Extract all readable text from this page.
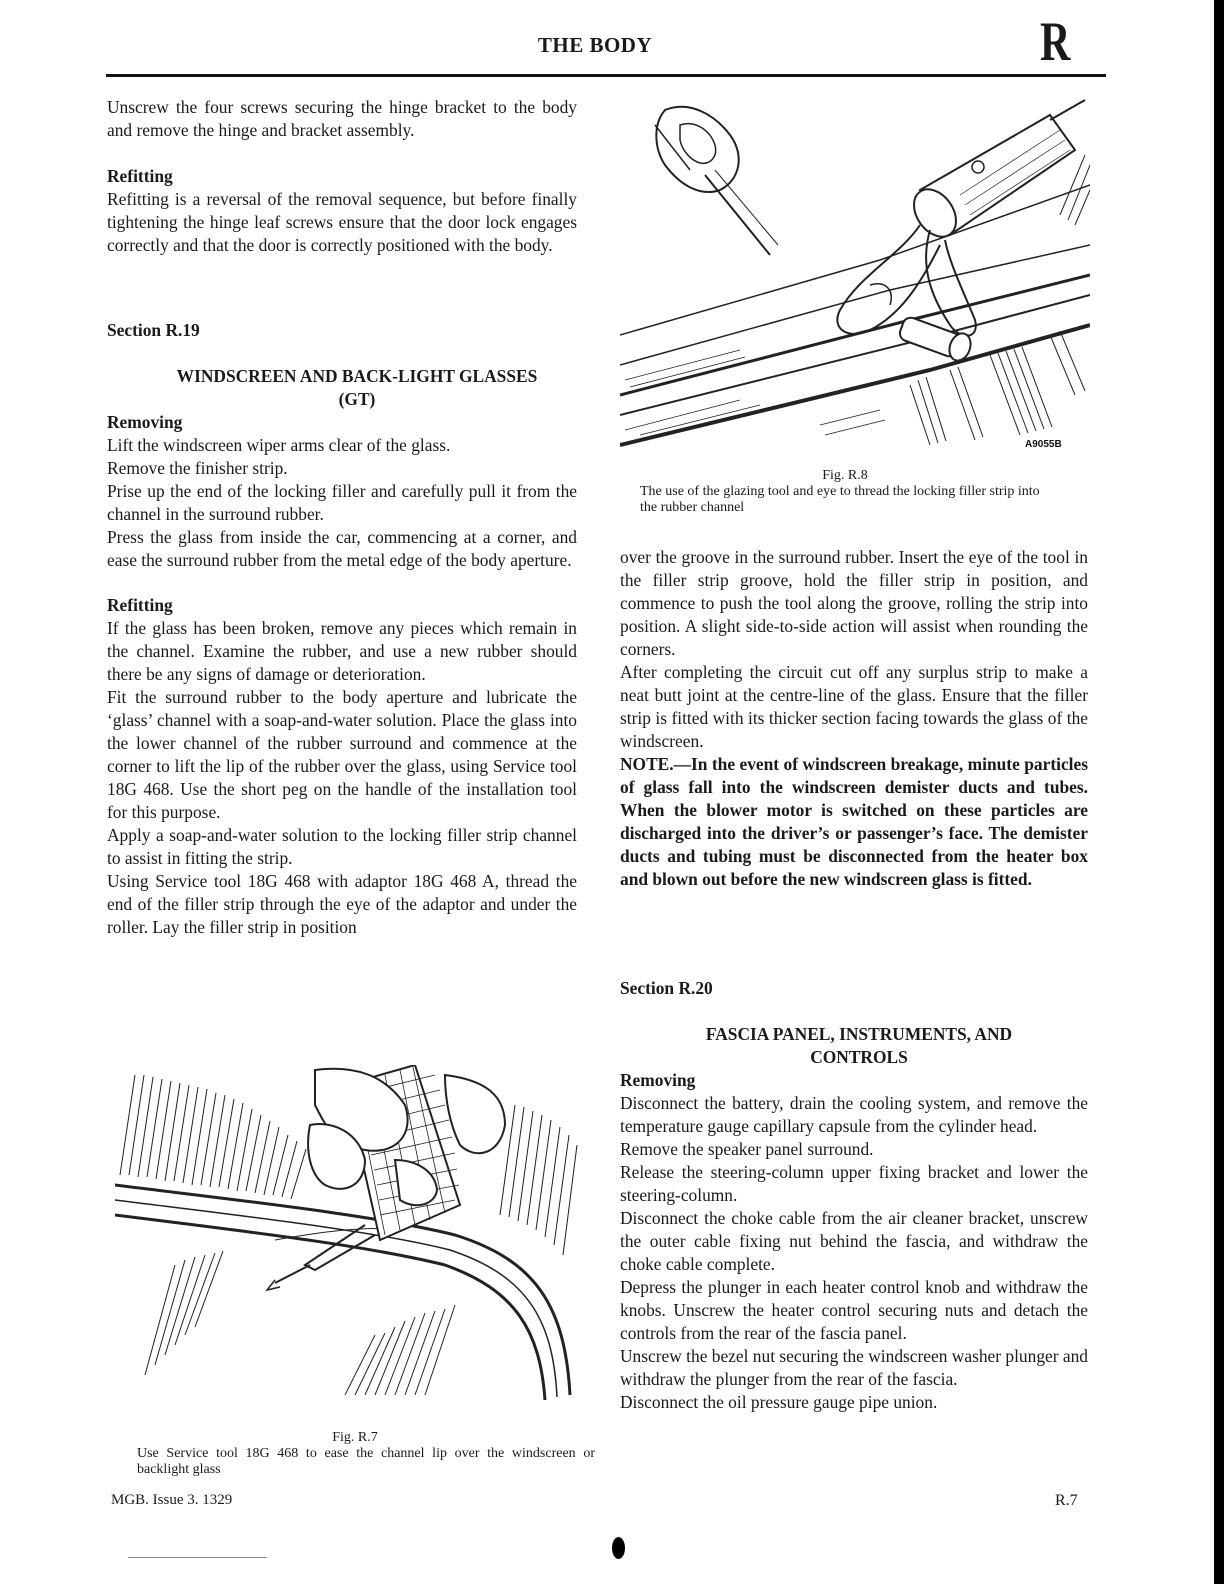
THE BODY	R

Unscrew the four screws securing the hinge bracket to the body and remove the hinge and bracket assembly.

Refitting

Refitting is a reversal of the removal sequence, but before finally tightening the hinge leaf screws ensure that the door lock engages correctly and that the door is correctly positioned with the body.

Section R.19

WINDSCREEN AND BACK-LIGHT GLASSES

(GT)

Removing

Lift the windscreen wiper arms clear of the glass.

Remove the finisher strip.

Prise up the end of the locking filler and carefully pull it from the channel in the surround rubber.

Press the glass from inside the car, commencing at a corner, and ease the surround rubber from the metal edge of the body aperture.

Refitting

If the glass has been broken, remove any pieces which remain in the channel. Examine the rubber, and use a new rubber should there be any signs of damage or deterioration.

Fit the surround rubber to the body aperture and lubricate the ‘glass’ channel with a soap-and-water solution. Place the glass into the lower channel of the rubber surround and commence at the corner to lift the lip of the rubber over the glass, using Service tool 18G 468. Use the short peg on the handle of the installation tool for this purpose.

Apply a soap-and-water solution to the locking filler strip channel to assist in fitting the strip.

Using Service tool 18G 468 with adaptor 18G 468 A, thread the end of the filler strip through the eye of the adaptor and under the roller. Lay the filler strip in position

Fig. R.7
Use Service tool 18G 468 to ease the channel lip over the windscreen or backlight glass
A9055B
Fig. R.8
The use of the glazing tool and eye to thread the locking filler strip into the rubber channel

over the groove in the surround rubber. Insert the eye of the tool in the filler strip groove, hold the filler strip in position, and commence to push the tool along the groove, rolling the strip into position. A slight side-to-side action will assist when rounding the corners.

After completing the circuit cut off any surplus strip to make a neat butt joint at the centre-line of the glass. Ensure that the filler strip is fitted with its thicker section facing towards the glass of the windscreen.

NOTE.—In the event of windscreen breakage, minute particles of glass fall into the windscreen demister ducts and tubes. When the blower motor is switched on these particles are discharged into the driver’s or passenger’s face. The demister ducts and tubing must be disconnected from the heater box and blown out before the new windscreen glass is fitted.

Section R.20

FASCIA PANEL, INSTRUMENTS, AND

CONTROLS

Removing

Disconnect the battery, drain the cooling system, and remove the temperature gauge capillary capsule from the cylinder head.

Remove the speaker panel surround.

Release the steering-column upper fixing bracket and lower the steering-column.

Disconnect the choke cable from the air cleaner bracket, unscrew the outer cable fixing nut behind the fascia, and withdraw the choke cable complete.

Depress the plunger in each heater control knob and withdraw the knobs. Unscrew the heater control securing nuts and detach the controls from the rear of the fascia panel.

Unscrew the bezel nut securing the windscreen washer plunger and withdraw the plunger from the rear of the fascia.

Disconnect the oil pressure gauge pipe union.

MGB. Issue 3. 1329	R.7
